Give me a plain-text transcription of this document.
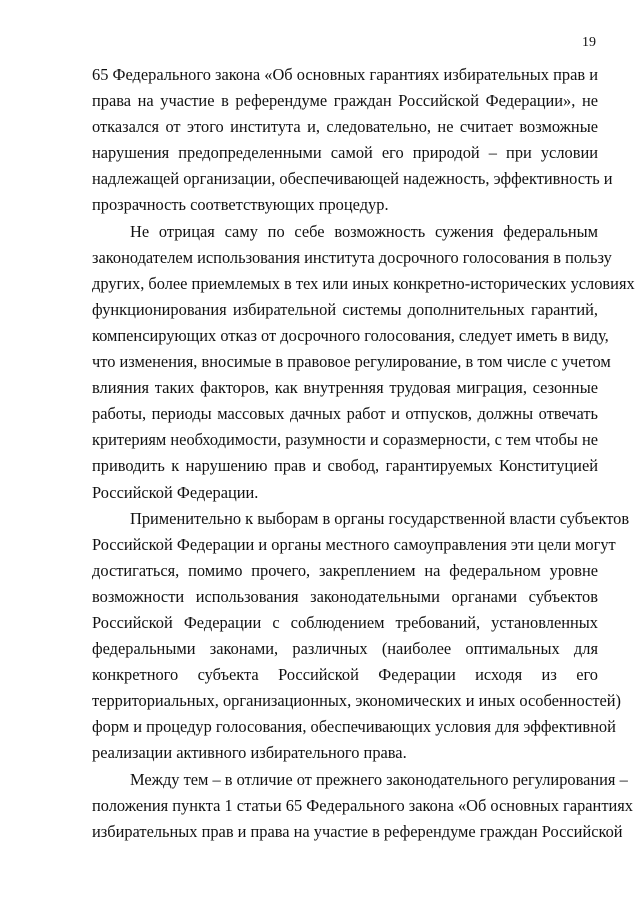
19

65 Федерального закона «Об основных гарантиях избирательных прав и
права на участие в референдуме граждан Российской Федерации», не
отказался от этого института и, следовательно, не считает возможные
нарушения предопределенными самой его природой – при условии
надлежащей организации, обеспечивающей надежность, эффективность и
прозрачность соответствующих процедур.

Не отрицая саму по себе возможность сужения федеральным
законодателем использования института досрочного голосования в пользу
других, более приемлемых в тех или иных конкретно-исторических условиях
функционирования избирательной системы дополнительных гарантий,
компенсирующих отказ от досрочного голосования, следует иметь в виду,
что изменения, вносимые в правовое регулирование, в том числе с учетом
влияния таких факторов, как внутренняя трудовая миграция, сезонные
работы, периоды массовых дачных работ и отпусков, должны отвечать
критериям необходимости, разумности и соразмерности, с тем чтобы не
приводить к нарушению прав и свобод, гарантируемых Конституцией
Российской Федерации.

Применительно к выборам в органы государственной власти субъектов
Российской Федерации и органы местного самоуправления эти цели могут
достигаться, помимо прочего, закреплением на федеральном уровне
возможности использования законодательными органами субъектов
Российской Федерации с соблюдением требований, установленных
федеральными законами, различных (наиболее оптимальных для
конкретного субъекта Российской Федерации исходя из его
территориальных, организационных, экономических и иных особенностей)
форм и процедур голосования, обеспечивающих условия для эффективной
реализации активного избирательного права.

Между тем – в отличие от прежнего законодательного регулирования –
положения пункта 1 статьи 65 Федерального закона «Об основных гарантиях
избирательных прав и права на участие в референдуме граждан Российской
